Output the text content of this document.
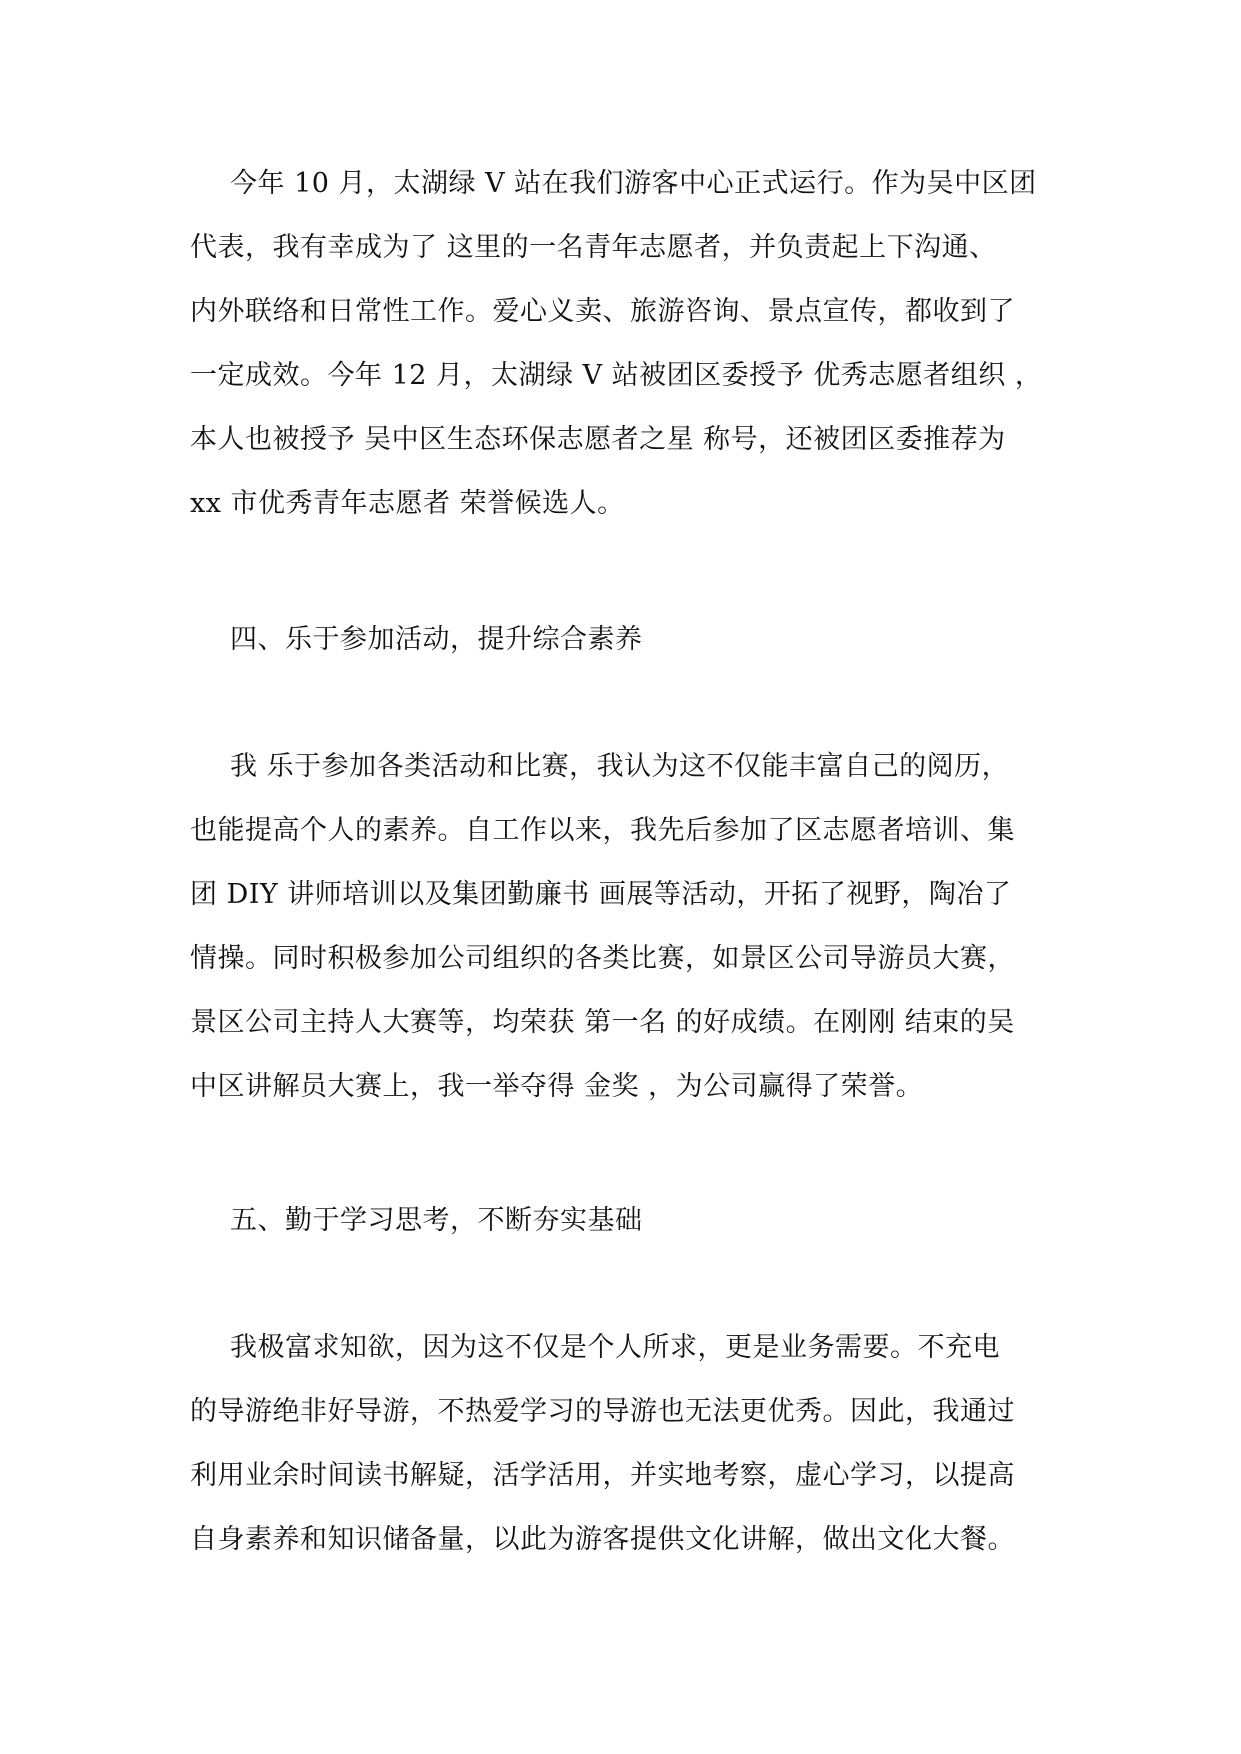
今年 10 月，太湖绿 V 站在我们游客中心正式运行。作为吴中区团
代表，我有幸成为了 这里的一名青年志愿者，并负责起上下沟通、
内外联络和日常性工作。爱心义卖、旅游咨询、景点宣传，都收到了
一定成效。今年 12 月，太湖绿 V 站被团区委授予 优秀志愿者组织 ，
本人也被授予 吴中区生态环保志愿者之星 称号，还被团区委推荐为
xx 市优秀青年志愿者 荣誉候选人。
四、乐于参加活动，提升综合素养
我 乐于参加各类活动和比赛，我认为这不仅能丰富自己的阅历，
也能提高个人的素养。自工作以来，我先后参加了区志愿者培训、集
团 DIY 讲师培训以及集团勤廉书 画展等活动，开拓了视野，陶冶了
情操。同时积极参加公司组织的各类比赛，如景区公司导游员大赛，
景区公司主持人大赛等，均荣获 第一名 的好成绩。在刚刚 结束的吴
中区讲解员大赛上，我一举夺得 金奖 ，为公司赢得了荣誉。
五、勤于学习思考，不断夯实基础
我极富求知欲，因为这不仅是个人所求，更是业务需要。不充电
的导游绝非好导游，不热爱学习的导游也无法更优秀。因此，我通过
利用业余时间读书解疑，活学活用，并实地考察，虚心学习，以提高
自身素养和知识储备量，以此为游客提供文化讲解，做出文化大餐。
